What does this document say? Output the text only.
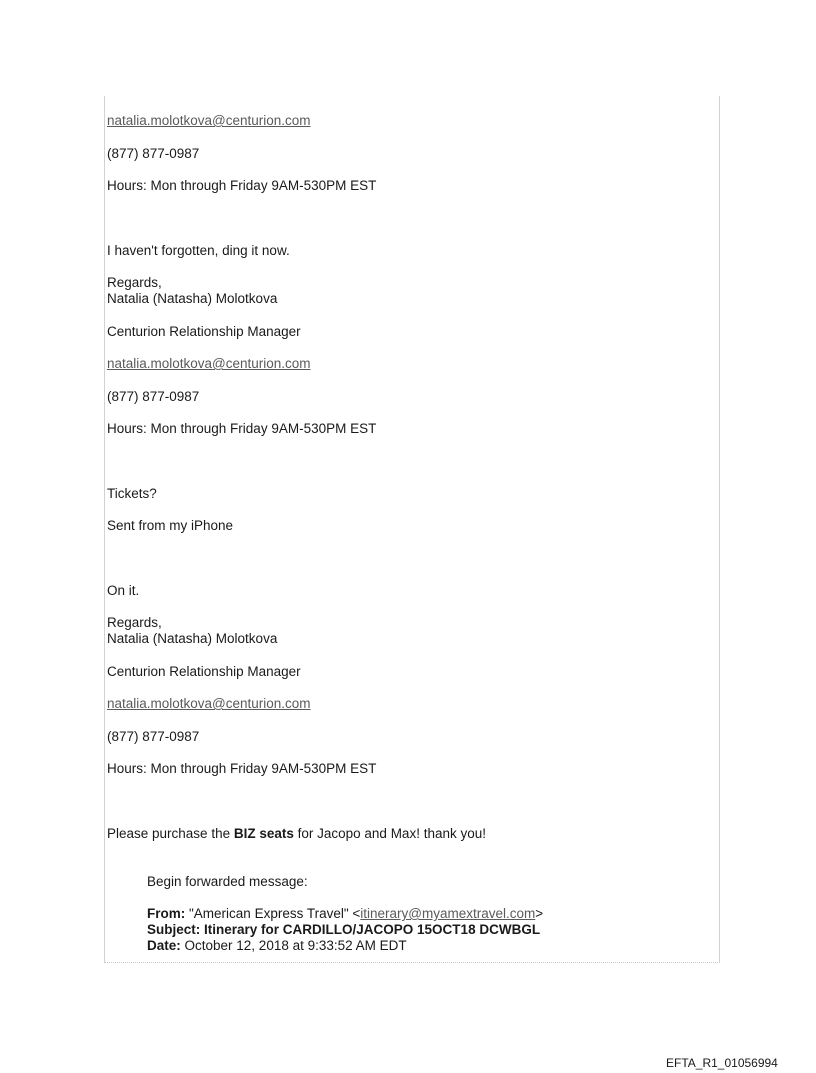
natalia.molotkova@centurion.com
(877) 877-0987
Hours: Mon through Friday 9AM-530PM EST
I haven't forgotten, ding it now.
Regards,
Natalia (Natasha) Molotkova
Centurion Relationship Manager
natalia.molotkova@centurion.com
(877) 877-0987
Hours: Mon through Friday 9AM-530PM EST
Tickets?
Sent from my iPhone
On it.
Regards,
Natalia (Natasha) Molotkova
Centurion Relationship Manager
natalia.molotkova@centurion.com
(877) 877-0987
Hours: Mon through Friday 9AM-530PM EST
Please purchase the BIZ seats for Jacopo and Max! thank you!
Begin forwarded message:
From: "American Express Travel" <itinerary@myamextravel.com>
Subject: Itinerary for CARDILLO/JACOPO 15OCT18 DCWBGL
Date: October 12, 2018 at 9:33:52 AM EDT
EFTA_R1_01056994
